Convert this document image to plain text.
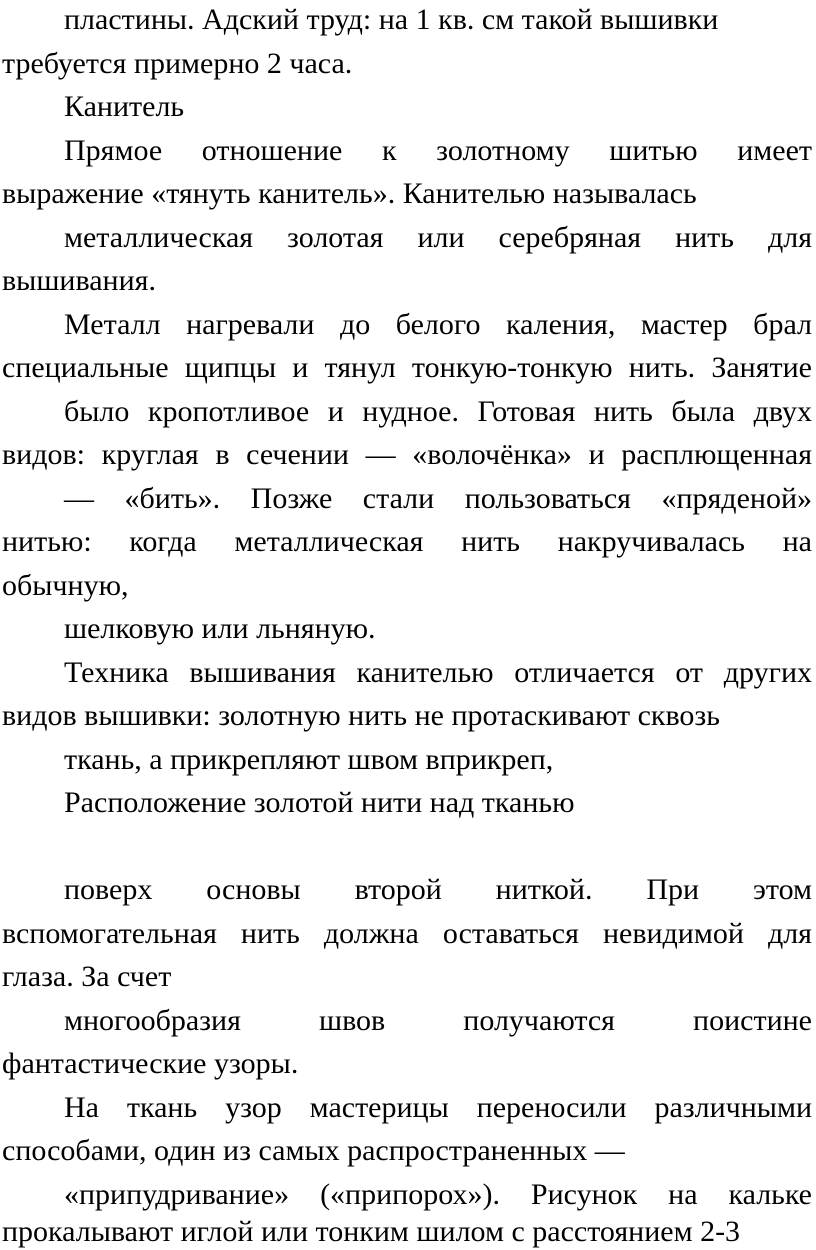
пластины. Адский труд: на 1 кв. см такой вышивки
требуется примерно 2 часа.
Канитель
Прямое отношение к золотному шитью имеет
выражение «тянуть канитель». Канителью называлась
металлическая золотая или серебряная нить для
вышивания.
Металл нагревали до белого каления, мастер брал
специальные щипцы и тянул тонкую-тонкую нить. Занятие
было кропотливое и нудное. Готовая нить была двух
видов: круглая в сечении — «волочёнка» и расплющенная
— «бить». Позже стали пользоваться «пряденой»
нитью: когда металлическая нить накручивалась на
обычную,
шелковую или льняную.
Техника вышивания канителью отличается от других
видов вышивки: золотную нить не протаскивают сквозь
ткань, а прикрепляют швом вприкреп,
Расположение золотой нити над тканью
поверх основы второй ниткой. При этом
вспомогательная нить должна оставаться невидимой для
глаза. За счет
многообразия швов получаются поистине
фантастические узоры.
На ткань узор мастерицы переносили различными
способами, один из самых распространенных —
«припудривание» («припорох»). Рисунок на кальке
прокалывают иглой или тонким шилом с расстоянием 2-3
